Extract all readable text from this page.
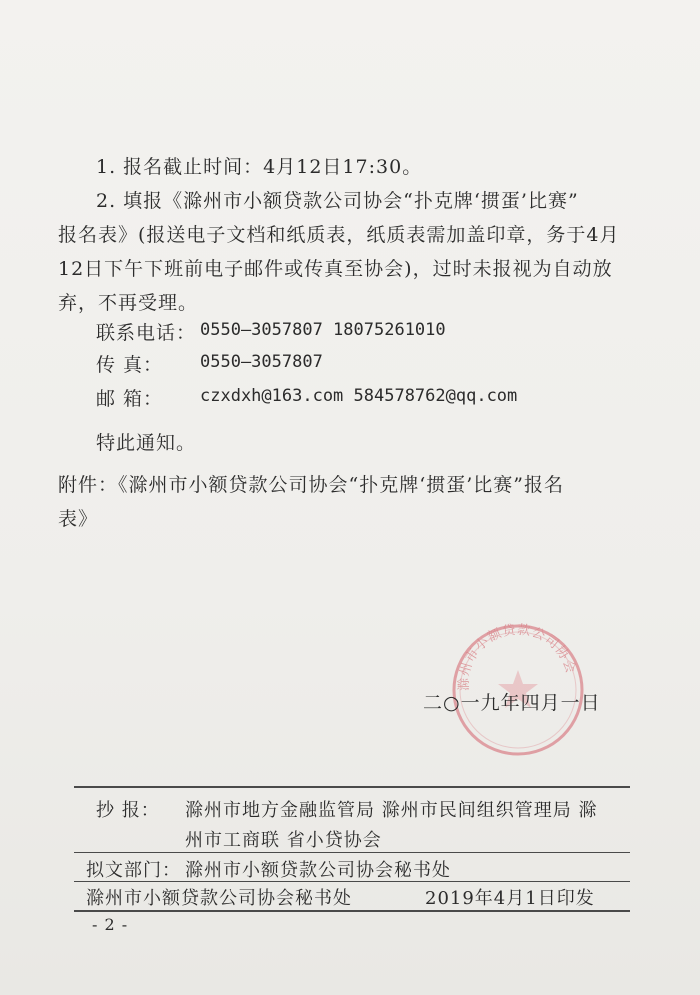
1. 报名截止时间：4月12日17:30。
2. 填报《滁州市小额贷款公司协会“扑克牌‘掼蛋’比赛”
报名表》(报送电子文档和纸质表，纸质表需加盖印章，务于4月
12日下午下班前电子邮件或传真至协会)，过时未报视为自动放
弃，不再受理。
联系电话： 0550—3057807 18075261010
传 真： 0550—3057807
邮 箱： czxdxh@163.com 584578762@qq.com
特此通知。
附件：《滁州市小额贷款公司协会“扑克牌‘掼蛋’比赛”报名
表》
滁州市小额贷款公司协会
二○一九年四月一日
抄 报： 滁州市地方金融监管局 滁州市民间组织管理局 滁
州市工商联 省小贷协会
拟文部门： 滁州市小额贷款公司协会秘书处
滁州市小额贷款公司协会秘书处	2019年4月1日印发
- 2 -
